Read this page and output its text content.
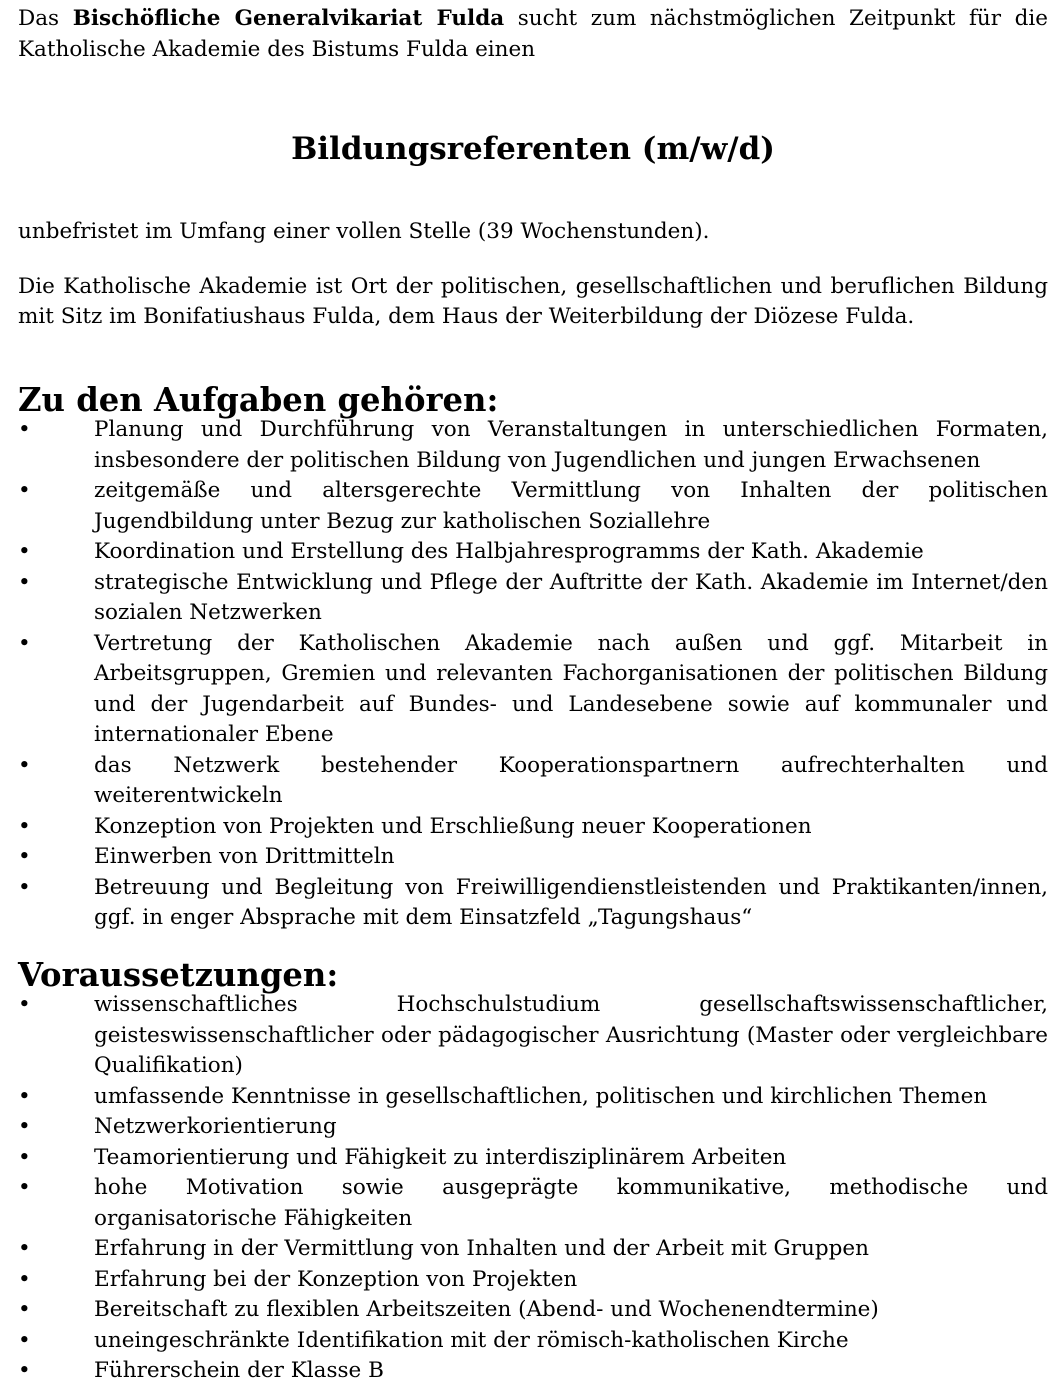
Das Bischöfliche Generalvikariat Fulda sucht zum nächstmöglichen Zeitpunkt für die Katholische Akademie des Bistums Fulda einen

Bildungsreferenten (m/w/d)

unbefristet im Umfang einer vollen Stelle (39 Wochenstunden).

Die Katholische Akademie ist Ort der politischen, gesellschaftlichen und beruflichen Bildung mit Sitz im Bonifatiushaus Fulda, dem Haus der Weiterbildung der Diözese Fulda.

Zu den Aufgaben gehören:
•	Planung und Durchführung von Veranstaltungen in unterschiedlichen Formaten, insbesondere der politischen Bildung von Jugendlichen und jungen Erwachsenen
•	zeitgemäße und altersgerechte Vermittlung von Inhalten der politischen Jugendbildung unter Bezug zur katholischen Soziallehre
•	Koordination und Erstellung des Halbjahresprogramms der Kath. Akademie
•	strategische Entwicklung und Pflege der Auftritte der Kath. Akademie im Internet/den sozialen Netzwerken
•	Vertretung der Katholischen Akademie nach außen und ggf. Mitarbeit in Arbeitsgruppen, Gremien und relevanten Fachorganisationen der politischen Bildung und der Jugendarbeit auf Bundes- und Landesebene sowie auf kommunaler und internationaler Ebene
•	das Netzwerk bestehender Kooperationspartnern aufrechterhalten und weiterentwickeln
•	Konzeption von Projekten und Erschließung neuer Kooperationen
•	Einwerben von Drittmitteln
•	Betreuung und Begleitung von Freiwilligendienstleistenden und Praktikanten/innen, ggf. in enger Absprache mit dem Einsatzfeld „Tagungshaus“
Voraussetzungen:
•	wissenschaftliches Hochschulstudium gesellschaftswissenschaftlicher, geisteswissenschaftlicher oder pädagogischer Ausrichtung (Master oder vergleichbare Qualifikation)
•	umfassende Kenntnisse in gesellschaftlichen, politischen und kirchlichen Themen
•	Netzwerkorientierung
•	Teamorientierung und Fähigkeit zu interdisziplinärem Arbeiten
•	hohe Motivation sowie ausgeprägte kommunikative, methodische und organisatorische Fähigkeiten
•	Erfahrung in der Vermittlung von Inhalten und der Arbeit mit Gruppen
•	Erfahrung bei der Konzeption von Projekten
•	Bereitschaft zu flexiblen Arbeitszeiten (Abend- und Wochenendtermine)
•	uneingeschränkte Identifikation mit der römisch-katholischen Kirche
•	Führerschein der Klasse B
